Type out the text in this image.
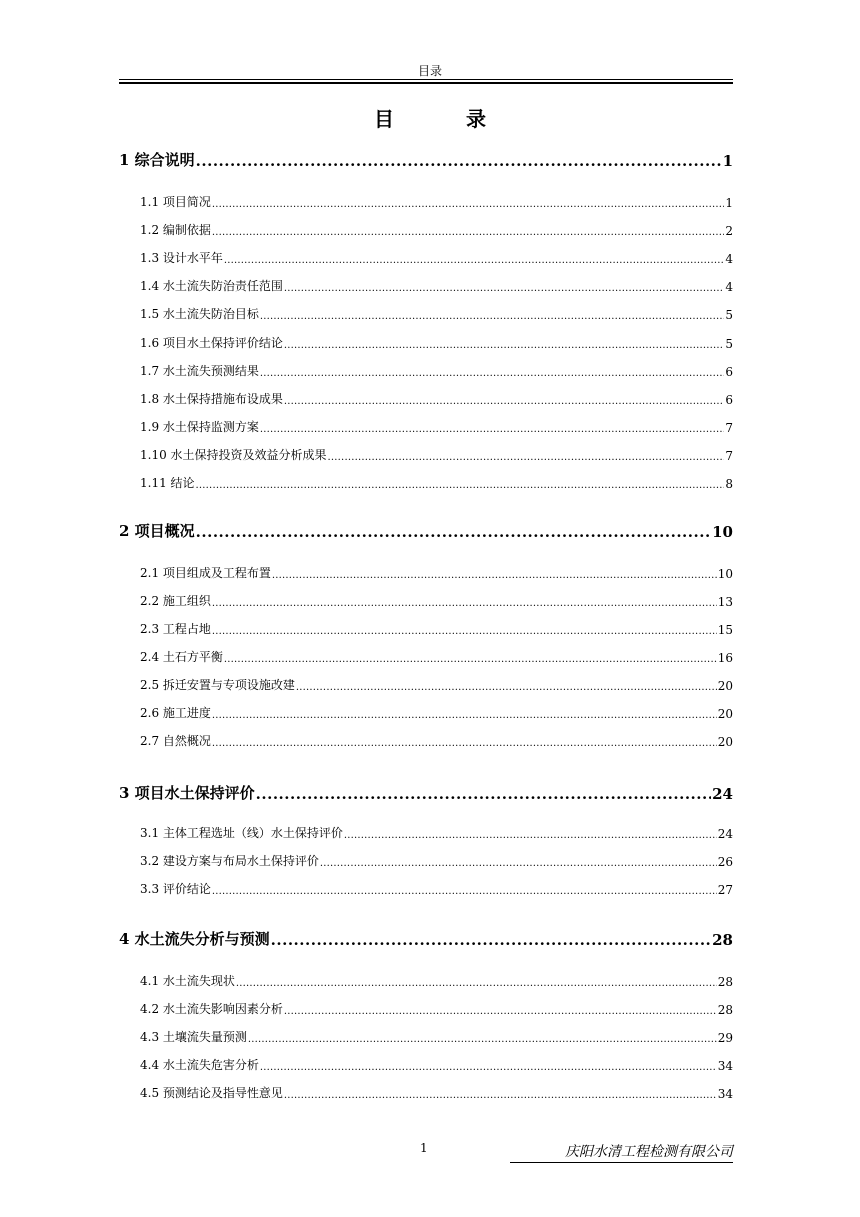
目录
目　录
1 综合说明 .....	1
1.1 项目简况 .....	1
1.2 编制依据 .....	2
1.3 设计水平年 .....	4
1.4 水土流失防治责任范围 .....	4
1.5 水土流失防治目标 .....	5
1.6 项目水土保持评价结论 .....	5
1.7 水土流失预测结果 .....	6
1.8 水土保持措施布设成果 .....	6
1.9 水土保持监测方案 .....	7
1.10 水土保持投资及效益分析成果 .....	7
1.11 结论 .....	8
2 项目概况 .....	10
2.1 项目组成及工程布置 .....	10
2.2 施工组织 .....	13
2.3 工程占地 .....	15
2.4 土石方平衡 .....	16
2.5 拆迁安置与专项设施改建 .....	20
2.6 施工进度 .....	20
2.7 自然概况 .....	20
3 项目水土保持评价 .....	24
3.1 主体工程选址（线）水土保持评价 .....	24
3.2 建设方案与布局水土保持评价 .....	26
3.3 评价结论 .....	27
4 水土流失分析与预测 .....	28
4.1 水土流失现状 .....	28
4.2 水土流失影响因素分析 .....	28
4.3 土壤流失量预测 .....	29
4.4 水土流失危害分析 .....	34
4.5 预测结论及指导性意见 .....	34
1	庆阳水清工程检测有限公司
